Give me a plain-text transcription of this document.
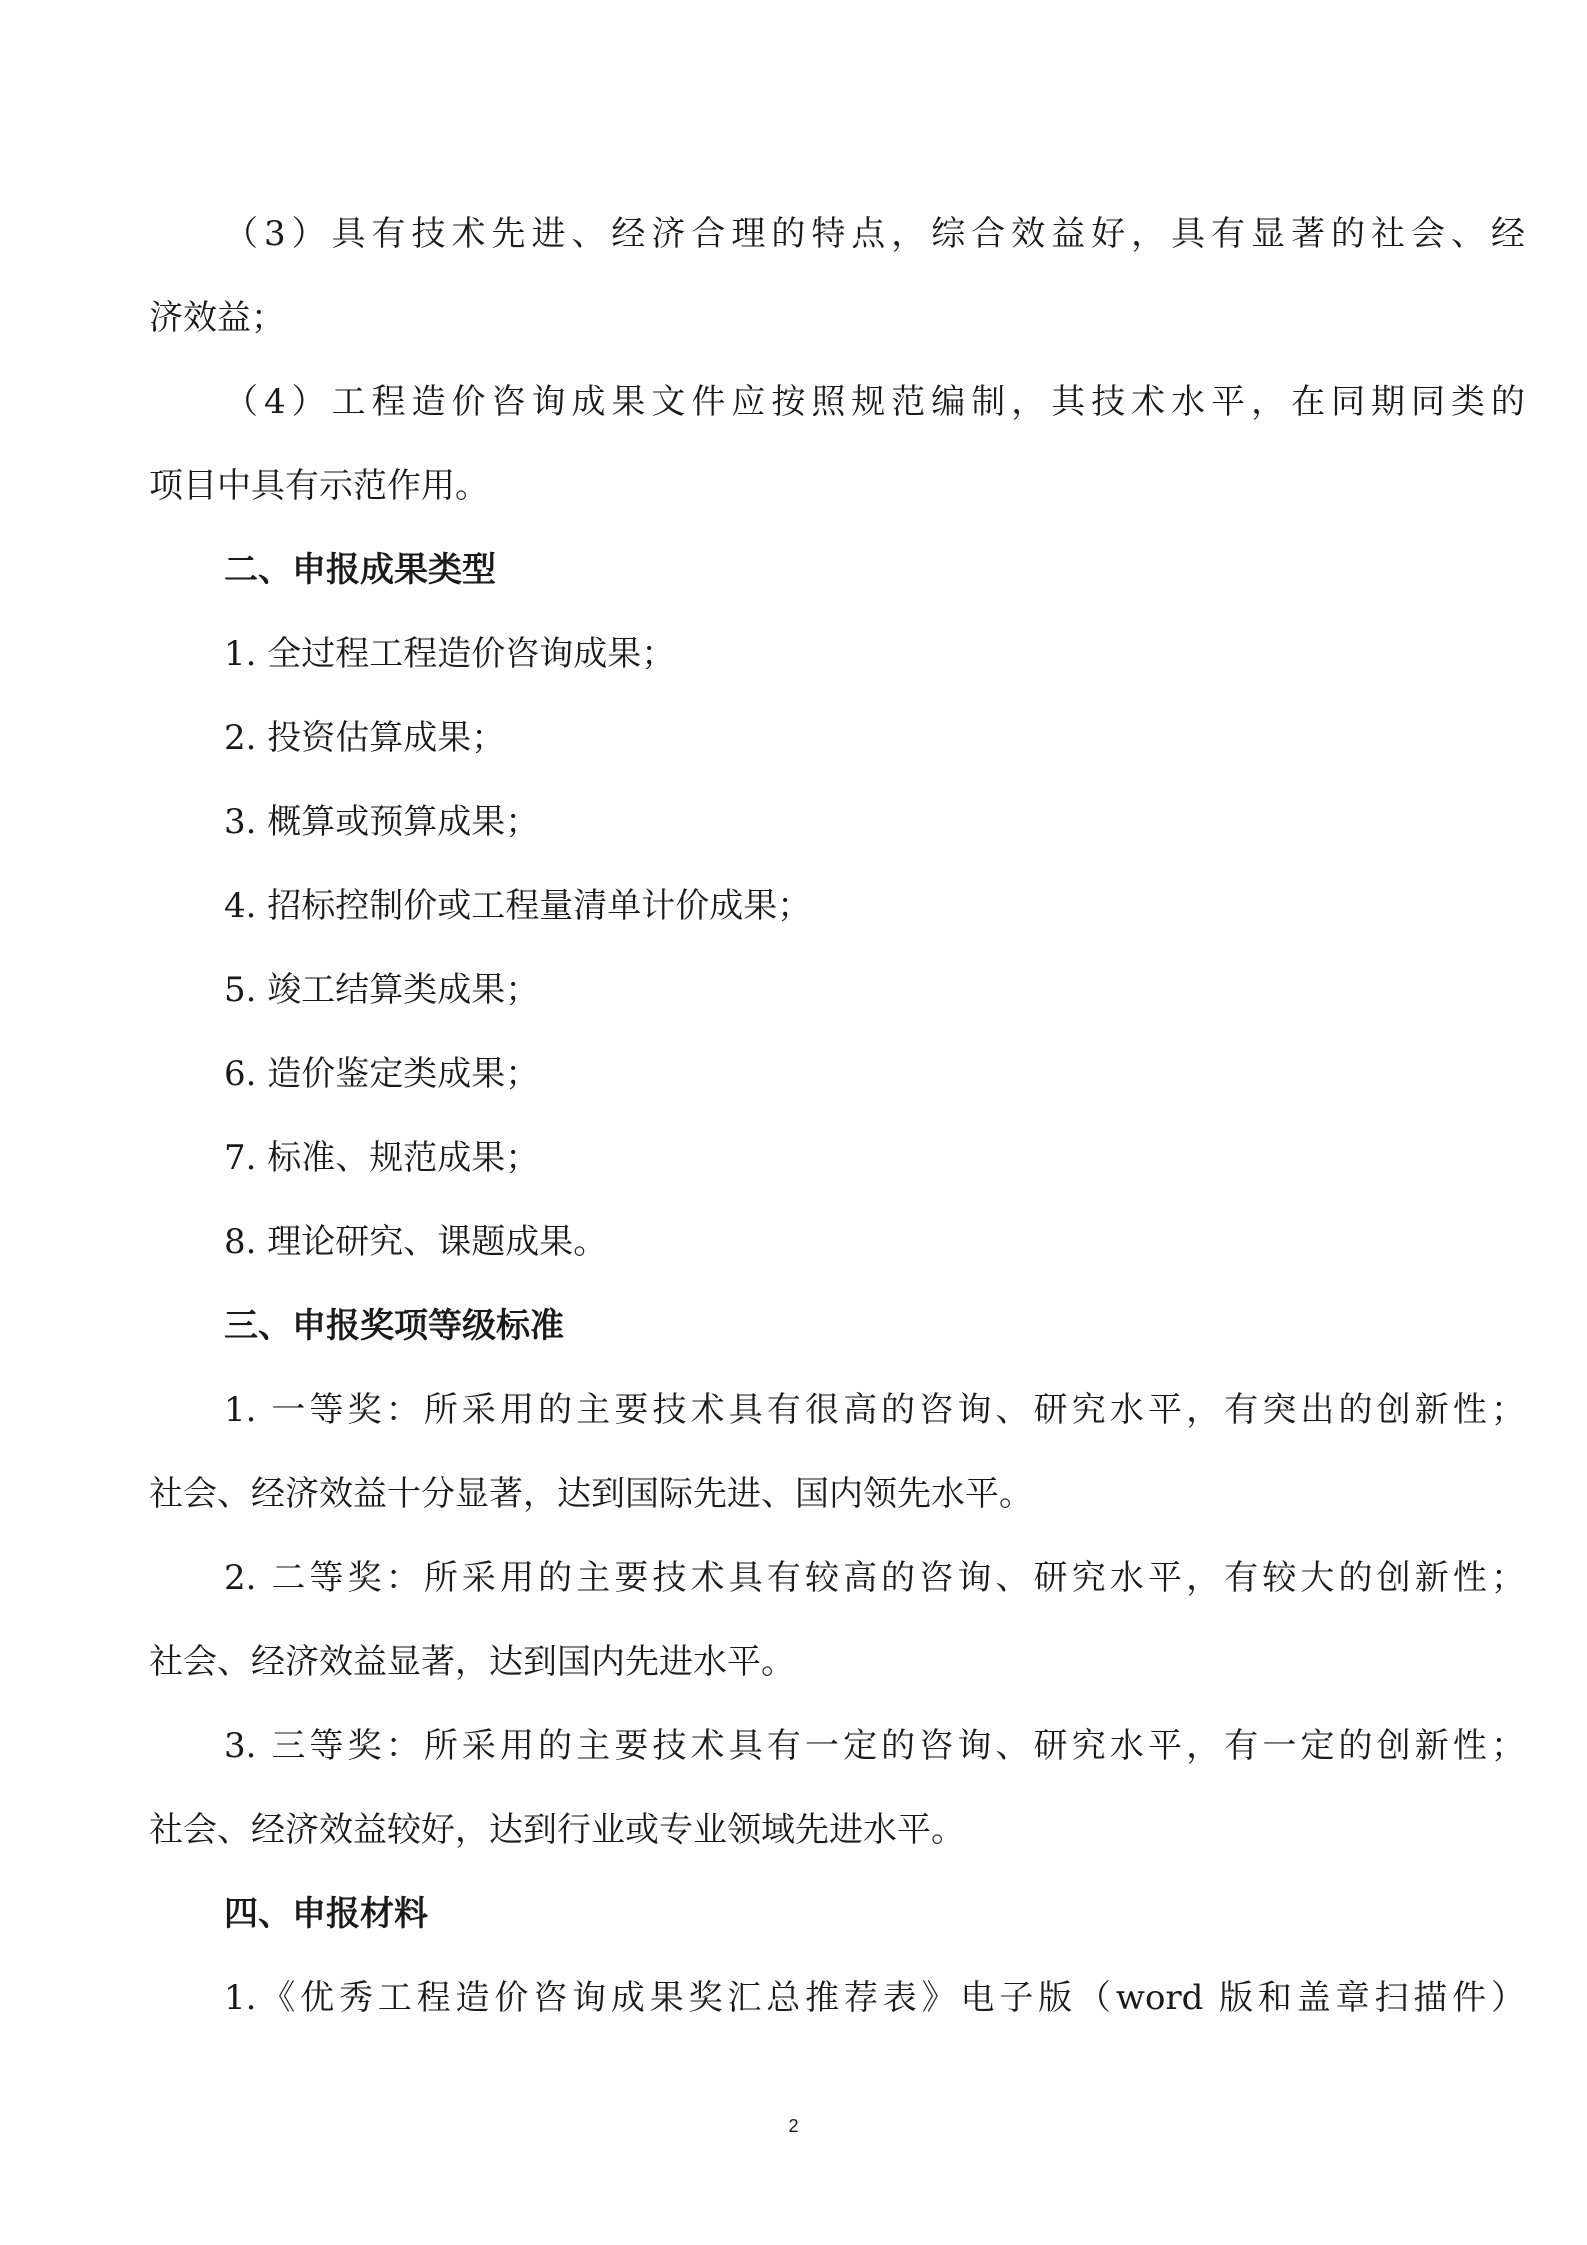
（3）具有技术先进、经济合理的特点，综合效益好，具有显著的社会、经
济效益；
（4）工程造价咨询成果文件应按照规范编制，其技术水平，在同期同类的
项目中具有示范作用。
二、申报成果类型
1. 全过程工程造价咨询成果；
2. 投资估算成果；
3. 概算或预算成果；
4. 招标控制价或工程量清单计价成果；
5. 竣工结算类成果；
6. 造价鉴定类成果；
7. 标准、规范成果；
8. 理论研究、课题成果。
三、申报奖项等级标准
1. 一等奖：所采用的主要技术具有很高的咨询、研究水平，有突出的创新性；
社会、经济效益十分显著，达到国际先进、国内领先水平。
2. 二等奖：所采用的主要技术具有较高的咨询、研究水平，有较大的创新性；
社会、经济效益显著，达到国内先进水平。
3. 三等奖：所采用的主要技术具有一定的咨询、研究水平，有一定的创新性；
社会、经济效益较好，达到行业或专业领域先进水平。
四、申报材料
1.《优秀工程造价咨询成果奖汇总推荐表》电子版（word 版和盖章扫描件）
2
